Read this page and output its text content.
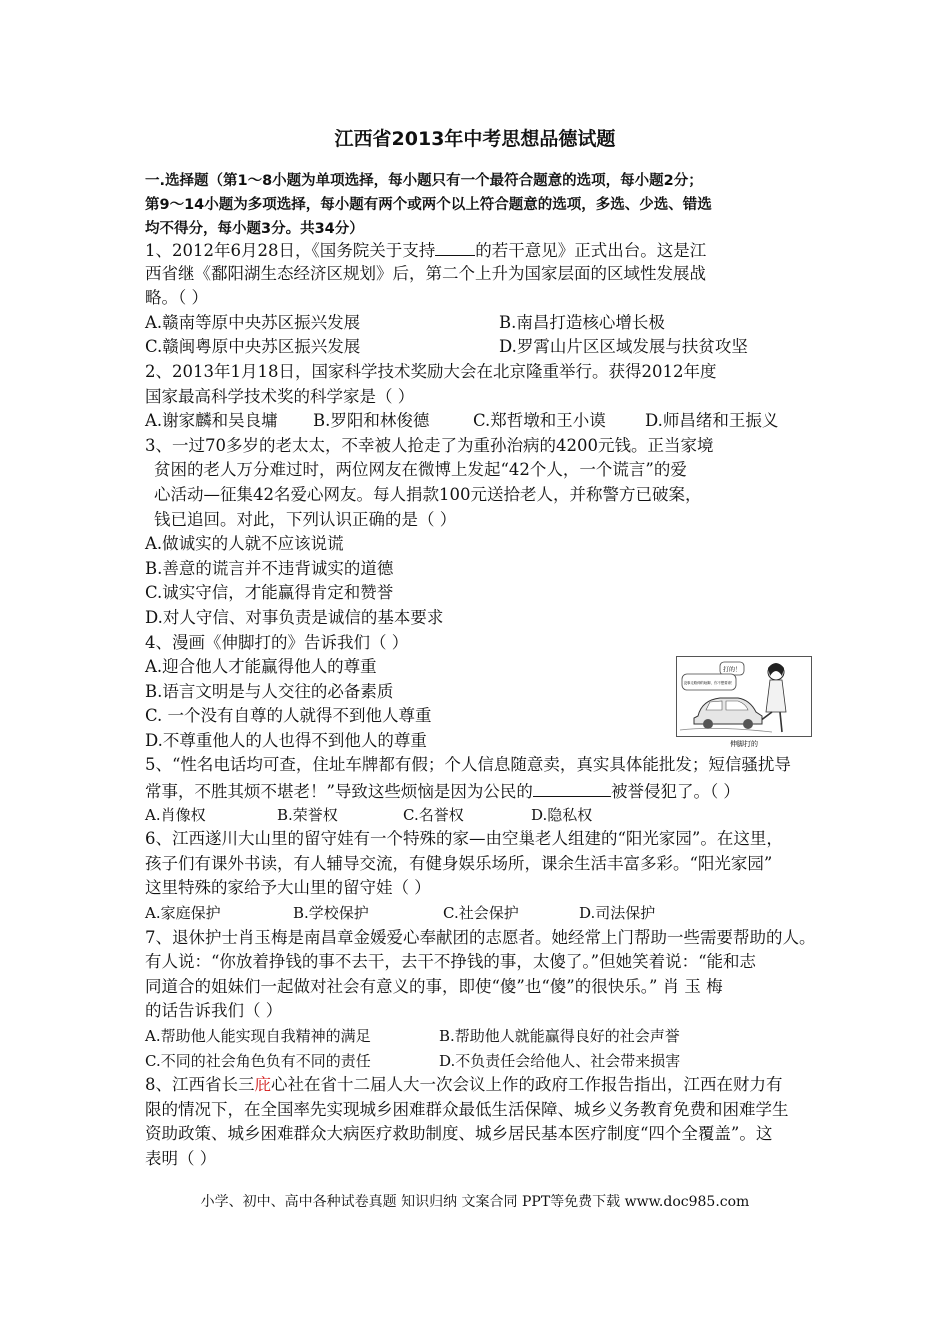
江西省2013年中考思想品德试题
一.选择题（第1～8小题为单项选择，每小题只有一个最符合题意的选项，每小题2分；
第9～14小题为多项选择，每小题有两个或两个以上符合题意的选项，多选、少选、错选
均不得分，每小题3分。共34分）
1、2012年6月28日，《国务院关于支持 的若干意见》正式出台。这是江
西省继《鄱阳湖生态经济区规划》后，第二个上升为国家层面的区域性发展战
略。（ ）
A.赣南等原中央苏区振兴发展	B.南昌打造核心增长极
C.赣闽粤原中央苏区振兴发展	D.罗霄山片区区域发展与扶贫攻坚
2、2013年1月18日，国家科学技术奖励大会在北京隆重举行。获得2012年度
国家最高科学技术奖的科学家是（ ）
A.谢家麟和吴良墉	B.罗阳和林俊德	C.郑哲墩和王小谟	D.师昌绪和王振义
3、一过70多岁的老太太，不幸被人抢走了为重孙治病的4200元钱。正当家境
贫困的老人万分难过时，两位网友在微博上发起“42个人，一个谎言”的爱
心活动—征集42名爱心网友。每人捐款100元送拾老人，并称警方已破案，
钱已追回。对此，下列认识正确的是（ ）
A.做诚实的人就不应该说谎
B.善意的谎言并不违背诚实的道德
C.诚实守信，才能赢得肯定和赞誉
D.对人守信、对事负责是诚信的基本要求
4、漫画《伸脚打的》告诉我们（ ）
A.迎合他人才能赢得他人的尊重
B.语言文明是与人交往的必备素质
C. 一个没有自尊的人就得不到他人尊重
D.不尊重他人的人也得不到他人的尊重
5、“性名电话均可查，住址车牌都有假；个人信息随意卖，真实具体能批发；短信骚扰导
常事，不胜其烦不堪老！”导致这些烦恼是因为公民的	被誉侵犯了。（ ）
A.肖像权	B.荣誉权	C.名誉权	D.隐私权
6、江西遂川大山里的留守娃有一个特殊的家—由空巢老人组建的“阳光家园”。在这里，
孩子们有课外书读，有人辅导交流，有健身娱乐场所，课余生活丰富多彩。“阳光家园”
这里特殊的家给予大山里的留守娃（ ）
A.家庭保护	B.学校保护	C.社会保护	D.司法保护
7、退休护士肖玉梅是南昌章金媛爱心奉献团的志愿者。她经常上门帮助一些需要帮助的人。
有人说：“你放着挣钱的事不去干，去干不挣钱的事，太傻了。”但她笑着说：“能和志
同道合的姐妹们一起做对社会有意义的事，即使“傻”也“傻”的很快乐。” 肖 玉 梅
的话告诉我们（ ）
A.帮助他人能实现自我精神的满足	B.帮助他人就能赢得良好的社会声誉
C.不同的社会角色负有不同的责任	D.不负责任会给他人、社会带来损害
8、江西省长三庇心社在省十二届人大一次会议上作的政府工作报告指出，江西在财力有
限的情况下，在全国率先实现城乡困难群众最低生活保障、城乡义务教育免费和困难学生
资助政策、城乡困难群众大病医疗救助制度、城乡居民基本医疗制度“四个全覆盖”。这
表明（ ）
打的！
没事走路伸的啥脚，你不想要命！
伸脚打的
小学、初中、高中各种试卷真题 知识归纳 文案合同 PPT等免费下载 www.doc985.com
